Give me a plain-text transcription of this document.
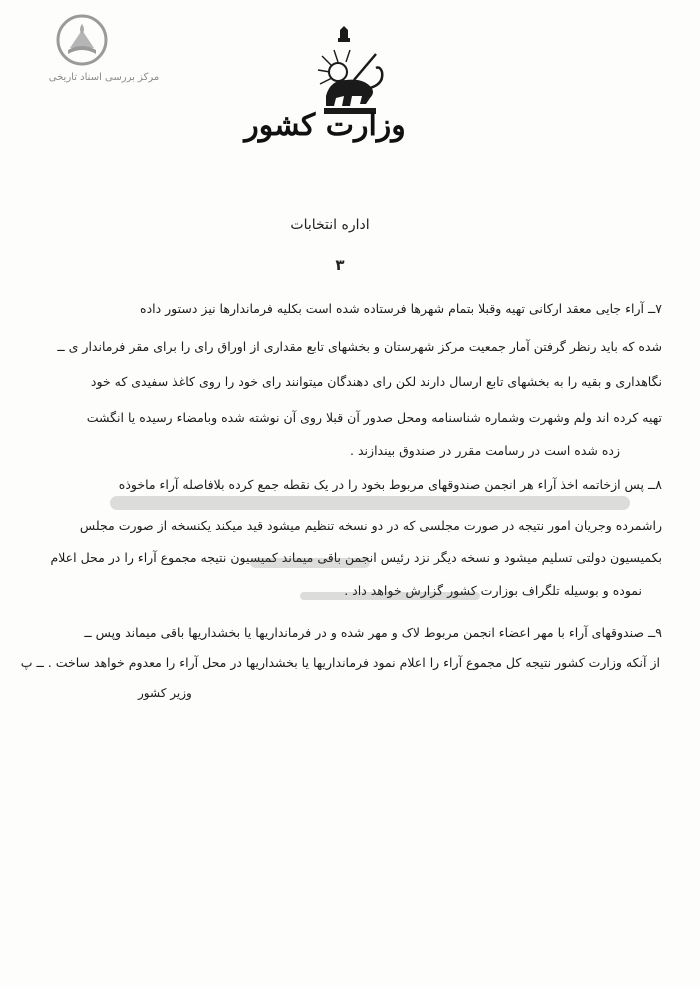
مرکز بررسی اسناد تاریخی
وزارت کشور
اداره انتخابات
۳
۷ــ آراء جایی معقد ارکانی تهیه وقبلا بتمام شهرها فرستاده شده است بکلیه فرماندارها نیز دستور داده
شده که باید رنظر گرفتن آمار جمعیت مرکز شهرستان و بخشهای تابع مقداری از اوراق رای را برای مقر فرماندار ی ــ
نگاهداری و بقیه را به بخشهای تابع ارسال دارند لکن رای دهندگان میتوانند رای خود را روی کاغذ سفیدی که خود
تهیه کرده اند ولم وشهرت وشماره شناسنامه ومحل صدور آن قبلا روی آن نوشته شده وبامضاء رسیده یا انگشت
زده شده است در رسامت مقرر در صندوق بیندازند .
۸ــ پس ازخاتمه اخذ آراء هر انجمن صندوقهای مربوط بخود را در یک نقطه جمع کرده بلافاصله آراء ماخوذه
راشمرده وجریان امور نتیجه در صورت مجلسی که در دو نسخه تنظیم میشود قید میکند یکنسخه از صورت مجلس
بکمیسیون دولتی تسلیم میشود و نسخه دیگر نزد رئیس انجمن باقی میماند کمیسیون نتیجه مجموع آراء را در محل اعلام
نموده و بوسیله تلگراف بوزارت کشور گزارش خواهد داد .
۹ــ صندوقهای آراء با مهر اعضاء انجمن مربوط لاک و مهر شده و در فرمانداریها یا بخشداریها باقی میماند وپس ــ
از آنکه وزارت کشور نتیجه کل مجموع آراء را اعلام نمود فرمانداریها یا بخشداریها در محل آراء را معدوم خواهد ساخت . ــ پ
وزیر کشور
